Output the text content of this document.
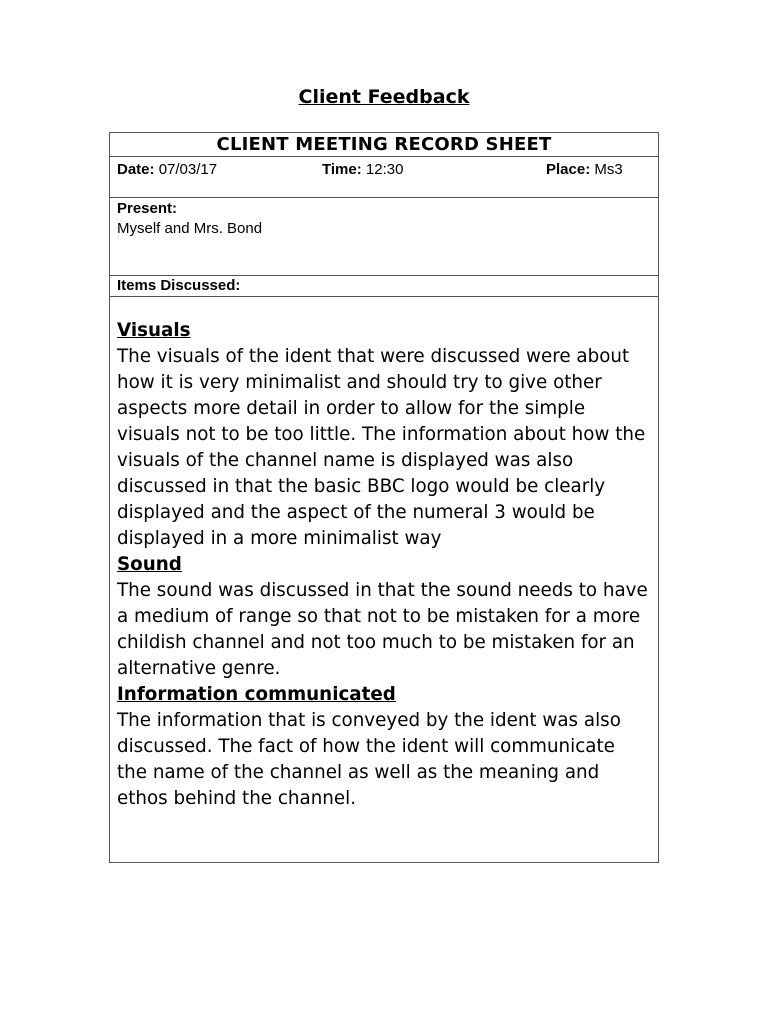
Client Feedback
CLIENT MEETING RECORD SHEET

Date: 07/03/17	Time: 12:30	Place: Ms3

Present:
Myself and Mrs. Bond

Items Discussed:

Visuals

The visuals of the ident that were discussed were about how it is very minimalist and should try to give other aspects more detail in order to allow for the simple visuals not to be too little. The information about how the visuals of the channel name is displayed was also discussed in that the basic BBC logo would be clearly displayed and the aspect of the numeral 3 would be displayed in a more minimalist way

Sound

The sound was discussed in that the sound needs to have a medium of range so that not to be mistaken for a more childish channel and not too much to be mistaken for an alternative genre.

Information communicated

The information that is conveyed by the ident was also discussed. The fact of how the ident will communicate the name of the channel as well as the meaning and ethos behind the channel.
